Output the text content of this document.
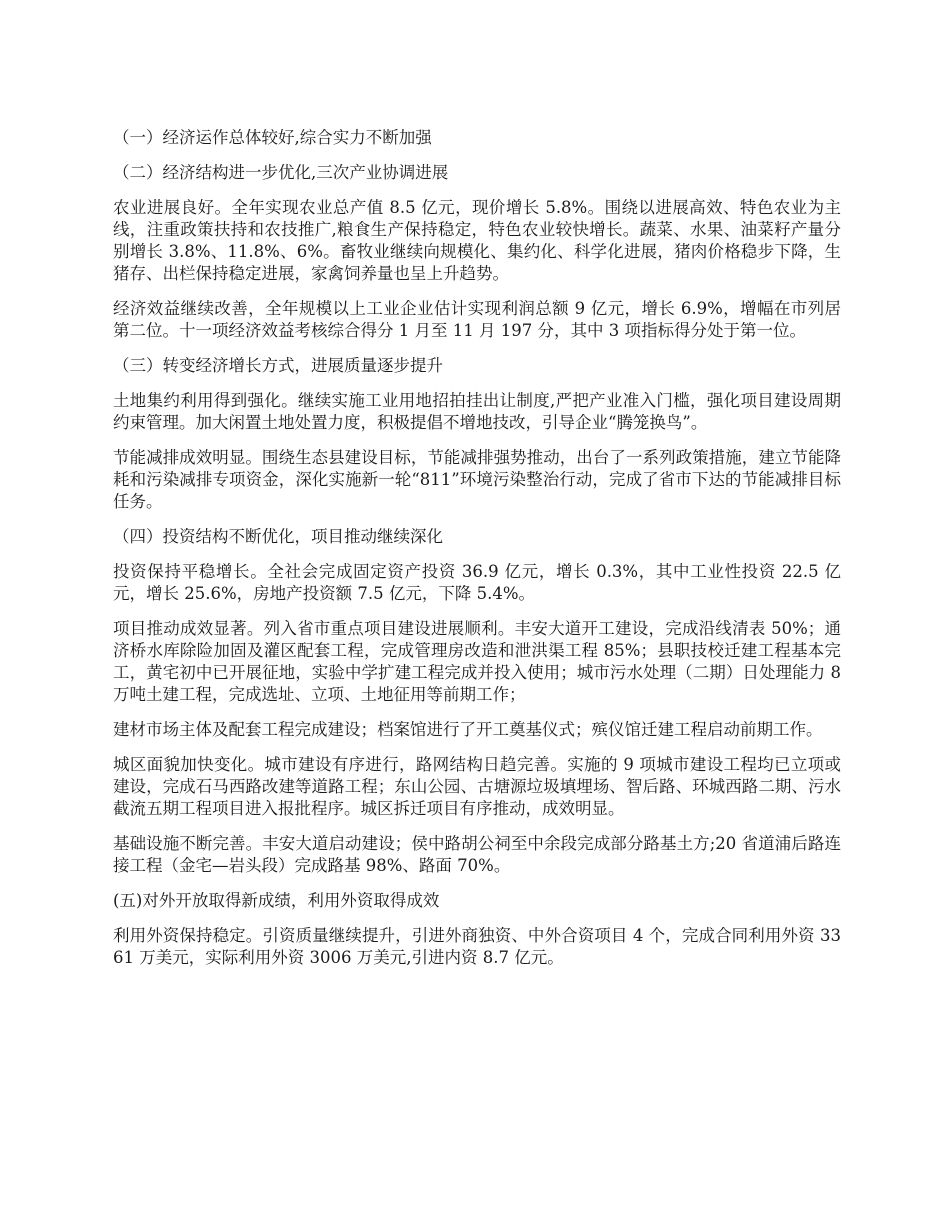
（一）经济运作总体较好,综合实力不断加强

（二）经济结构进一步优化,三次产业协调进展

农业进展良好。全年实现农业总产值 8.5 亿元，现价增长 5.8%。围绕以进展高效、特色农业为主线，注重政策扶持和农技推广,粮食生产保持稳定，特色农业较快增长。蔬菜、水果、油菜籽产量分别增长 3.8%、11.8%、6%。畜牧业继续向规模化、集约化、科学化进展，猪肉价格稳步下降，生猪存、出栏保持稳定进展，家禽饲养量也呈上升趋势。

经济效益继续改善，全年规模以上工业企业估计实现利润总额 9 亿元，增长 6.9%，增幅在市列居第二位。十一项经济效益考核综合得分 1 月至 11 月 197 分，其中 3 项指标得分处于第一位。

（三）转变经济增长方式，进展质量逐步提升

土地集约利用得到强化。继续实施工业用地招拍挂出让制度,严把产业准入门槛，强化项目建设周期约束管理。加大闲置土地处置力度，积极提倡不增地技改，引导企业“腾笼换鸟”。

节能减排成效明显。围绕生态县建设目标，节能减排强势推动，出台了一系列政策措施，建立节能降耗和污染减排专项资金，深化实施新一轮“811”环境污染整治行动，完成了省市下达的节能减排目标任务。

（四）投资结构不断优化，项目推动继续深化

投资保持平稳增长。全社会完成固定资产投资 36.9 亿元，增长 0.3%，其中工业性投资 22.5 亿元，增长 25.6%，房地产投资额 7.5 亿元，下降 5.4%。

项目推动成效显著。列入省市重点项目建设进展顺利。丰安大道开工建设，完成沿线清表 50%；通济桥水库除险加固及灌区配套工程，完成管理房改造和泄洪渠工程 85%；县职技校迁建工程基本完工，黄宅初中已开展征地，实验中学扩建工程完成并投入使用；城市污水处理（二期）日处理能力 8 万吨土建工程，完成选址、立项、土地征用等前期工作；

建材市场主体及配套工程完成建设；档案馆进行了开工奠基仪式；殡仪馆迁建工程启动前期工作。

城区面貌加快变化。城市建设有序进行，路网结构日趋完善。实施的 9 项城市建设工程均已立项或建设，完成石马西路改建等道路工程；东山公园、古塘源垃圾填埋场、智后路、环城西路二期、污水截流五期工程项目进入报批程序。城区拆迁项目有序推动，成效明显。

基础设施不断完善。丰安大道启动建设；侯中路胡公祠至中余段完成部分路基土方;20 省道浦后路连接工程（金宅—岩头段）完成路基 98%、路面 70%。

(五)对外开放取得新成绩，利用外资取得成效

利用外资保持稳定。引资质量继续提升，引进外商独资、中外合资项目 4 个，完成合同利用外资 3361 万美元，实际利用外资 3006 万美元,引进内资 8.7 亿元。
